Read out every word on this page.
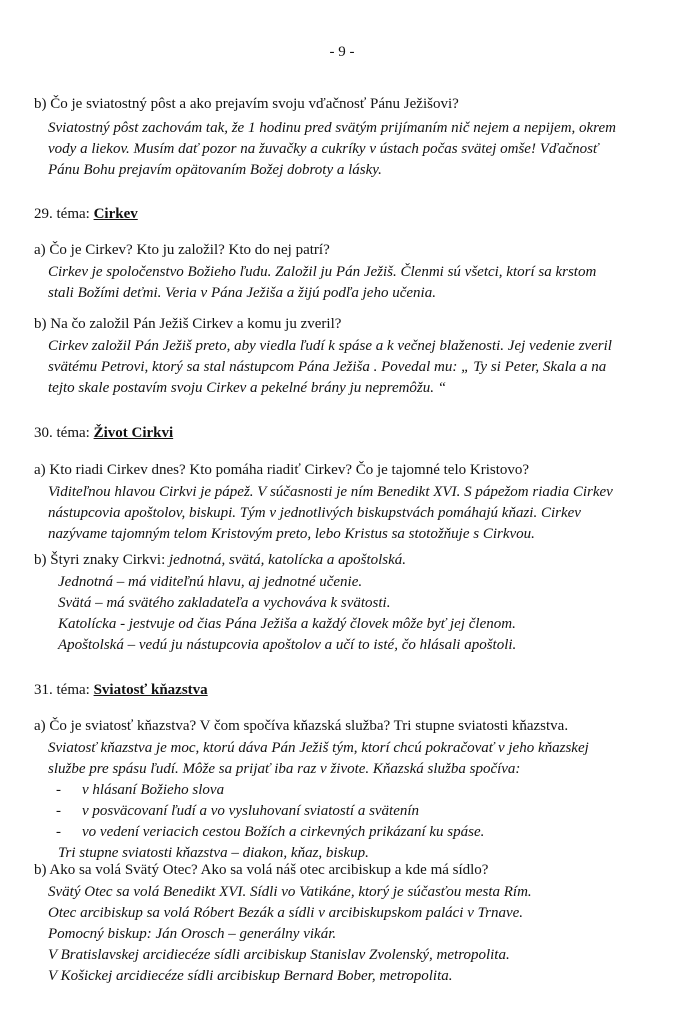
- 9 -
b) Čo je sviatostný pôst a ako prejavím svoju vďačnosť Pánu Ježišovi?
Sviatostný pôst zachovám tak, že 1 hodinu pred svätým prijímaním nič nejem a nepijem, okrem
vody a liekov. Musím dať pozor na žuvačky a cukríky v ústach počas svätej omše! Vďačnosť
Pánu Bohu prejavím opätovaním Božej dobroty a lásky.
29. téma: Cirkev
a) Čo je Cirkev? Kto ju založil? Kto do nej patrí?
Cirkev je spoločenstvo Božieho ľudu. Založil ju Pán Ježiš. Členmi sú všetci, ktorí sa krstom
stali Božími deťmi. Veria v Pána Ježiša a žijú podľa jeho učenia.
b) Na čo založil Pán Ježiš Cirkev a komu ju zveril?
Cirkev založil Pán Ježiš preto, aby viedla ľudí k spáse a k večnej blaženosti. Jej vedenie zveril
svätému Petrovi, ktorý sa stal nástupcom Pána Ježiša . Povedal mu: „ Ty si Peter, Skala a na
tejto skale postavím svoju Cirkev a pekelné brány ju nepremôžu. “
30. téma: Život Cirkvi
a) Kto riadi Cirkev dnes? Kto pomáha riadiť Cirkev? Čo je tajomné telo Kristovo?
Viditeľnou hlavou Cirkvi je pápež. V súčasnosti je ním Benedikt XVI. S pápežom riadia Cirkev
nástupcovia apoštolov, biskupi. Tým v jednotlivých biskupstvách pomáhajú kňazi. Cirkev
nazývame tajomným telom Kristovým preto, lebo Kristus sa stotožňuje s Cirkvou.
b) Štyri znaky Cirkvi: jednotná, svätá, katolícka a apoštolská.
Jednotná – má viditeľnú hlavu, aj jednotné učenie.
Svätá – má svätého zakladateľa a vychováva k svätosti.
Katolícka - jestvuje od čias Pána Ježiša a každý človek môže byť jej členom.
Apoštolská – vedú ju nástupcovia apoštolov a učí to isté, čo hlásali apoštoli.
31. téma: Sviatosť kňazstva
a) Čo je sviatosť kňazstva? V čom spočíva kňazská služba? Tri stupne sviatosti kňazstva.
Sviatosť kňazstva je moc, ktorú dáva Pán Ježiš tým, ktorí chcú pokračovať v jeho kňazskej
službe pre spásu ľudí. Môže sa prijať iba raz v živote. Kňazská služba spočíva:
- v hlásaní Božieho slova
- v posväcovaní ľudí a vo vysluhovaní sviatostí a svätenín
- vo vedení veriacich cestou Božích a cirkevných prikázaní ku spáse.
Tri stupne sviatosti kňazstva – diakon, kňaz, biskup.
b) Ako sa volá Svätý Otec? Ako sa volá náš otec arcibiskup a kde má sídlo?
Svätý Otec sa volá Benedikt XVI. Sídli vo Vatikáne, ktorý je súčasťou mesta Rím.
Otec arcibiskup sa volá Róbert Bezák a sídli v arcibiskupskom paláci v Trnave.
Pomocný biskup: Ján Orosch – generálny vikár.
V Bratislavskej arcidiecéze sídli arcibiskup Stanislav Zvolenský, metropolita.
V Košickej arcidiecéze sídli arcibiskup Bernard Bober, metropolita.
